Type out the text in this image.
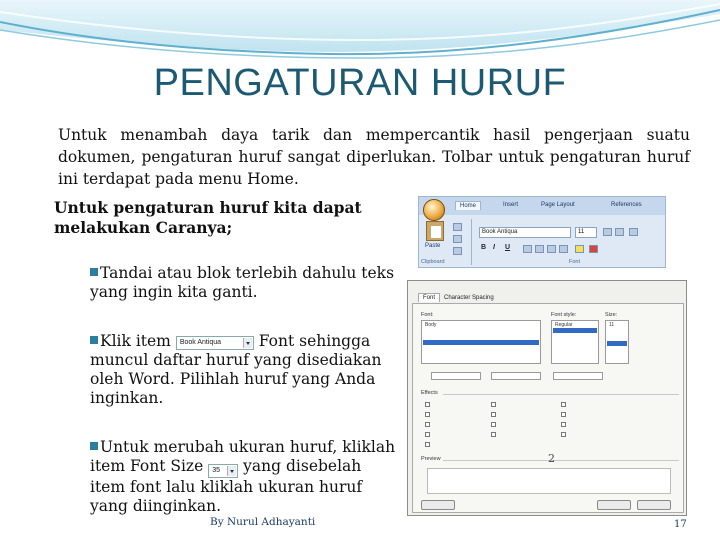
PENGATURAN HURUF
Untuk menambah daya tarik dan mempercantik hasil pengerjaan suatu dokumen, pengaturan huruf sangat diperlukan. Tolbar untuk pengaturan huruf ini terdapat pada menu Home.
Untuk pengaturan huruf kita dapat melakukan Caranya;
Tandai atau blok terlebih dahulu teks yang ingin kita ganti.
Klik item Book Antiqua Font sehingga muncul daftar huruf yang disediakan oleh Word. Pilihlah huruf yang Anda inginkan.
Untuk merubah ukuran huruf, kliklah item Font Size 35 yang disebelah item font lalu kliklah ukuran huruf yang diinginkan.
Home	Insert	Page Layout	References
Paste
Clipboard
Book Antiqua	11
B I U
Font
Font	Character Spacing
Font:
Body
Font style:
Regular
Size:
11
Effects
Preview	2
By Nurul Adhayanti	17
